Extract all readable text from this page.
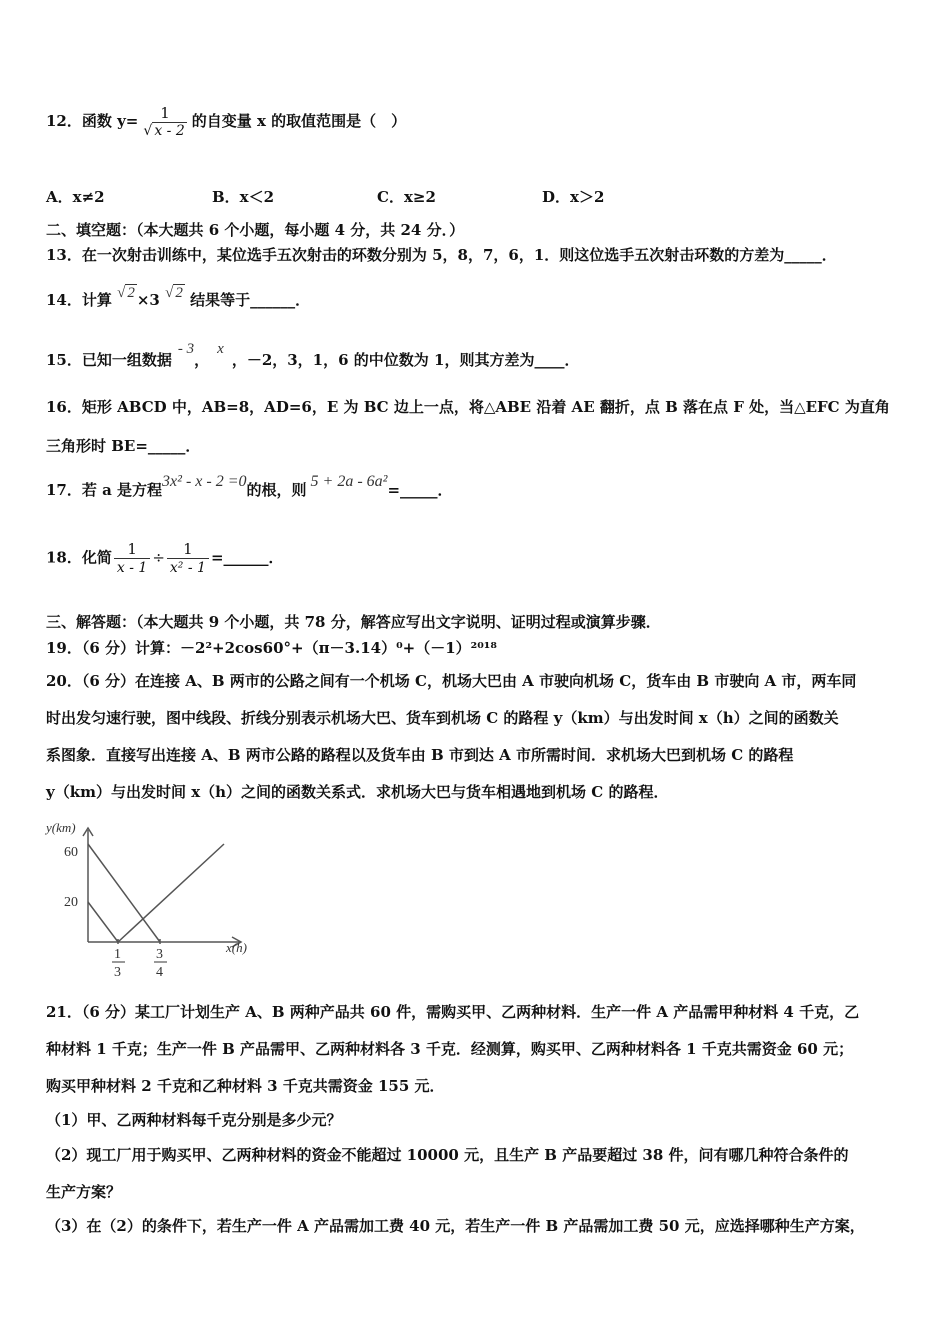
12．函数 y=	1
√ x - 2
的自变量 x 的取值范围是（　）
A．x≠2	B．x＜2	C．x≥2	D．x＞2
二、填空题：（本大题共 6 个小题，每小题 4 分，共 24 分．）
13．在一次射击训练中，某位选手五次射击的环数分别为 5，8，7，6，1．则这位选手五次射击环数的方差为_____．
14．计算 √ 2 ×3 √ 2 结果等于______．
15．已知一组数据- 3，x，－2，3，1，6 的中位数为 1，则其方差为____．
16．矩形 ABCD 中，AB=8，AD=6，E 为 BC 边上一点，将△ABE 沿着 AE 翻折，点 B 落在点 F 处，当△EFC 为直角
三角形时 BE=_____．
17．若 a 是方程3x² - x - 2 =0的根，则 5 + 2a - 6a²=_____．
18．化简 $\frac{1}{x - 1} \div \frac{1}{\text{x² - 1}}$ =______．
三、解答题：（本大题共 9 个小题，共 78 分，解答应写出文字说明、证明过程或演算步骤．
19．（6 分）计算：－2²+2cos60°+（π－3.14）⁰+（－1）²⁰¹⁸
20．（6 分）在连接 A、B 两市的公路之间有一个机场 C，机场大巴由 A 市驶向机场 C，货车由 B 市驶向 A 市，两车同
时出发匀速行驶，图中线段、折线分别表示机场大巴、货车到机场 C 的路程 y（km）与出发时间 x（h）之间的函数关
系图象．直接写出连接 A、B 两市公路的路程以及货车由 B 市到达 A 市所需时间．求机场大巴到机场 C 的路程
y（km）与出发时间 x（h）之间的函数关系式．求机场大巴与货车相遇地到机场 C 的路程．
y(km)
60
20
x(h)
1
3
3
4
21．（6 分）某工厂计划生产 A、B 两种产品共 60 件，需购买甲、乙两种材料．生产一件 A 产品需甲种材料 4 千克，乙
种材料 1 千克；生产一件 B 产品需甲、乙两种材料各 3 千克．经测算，购买甲、乙两种材料各 1 千克共需资金 60 元；
购买甲种材料 2 千克和乙种材料 3 千克共需资金 155 元．
（1）甲、乙两种材料每千克分别是多少元？
（2）现工厂用于购买甲、乙两种材料的资金不能超过 10000 元，且生产 B 产品要超过 38 件，问有哪几种符合条件的
生产方案？
（3）在（2）的条件下，若生产一件 A 产品需加工费 40 元，若生产一件 B 产品需加工费 50 元，应选择哪种生产方案，
